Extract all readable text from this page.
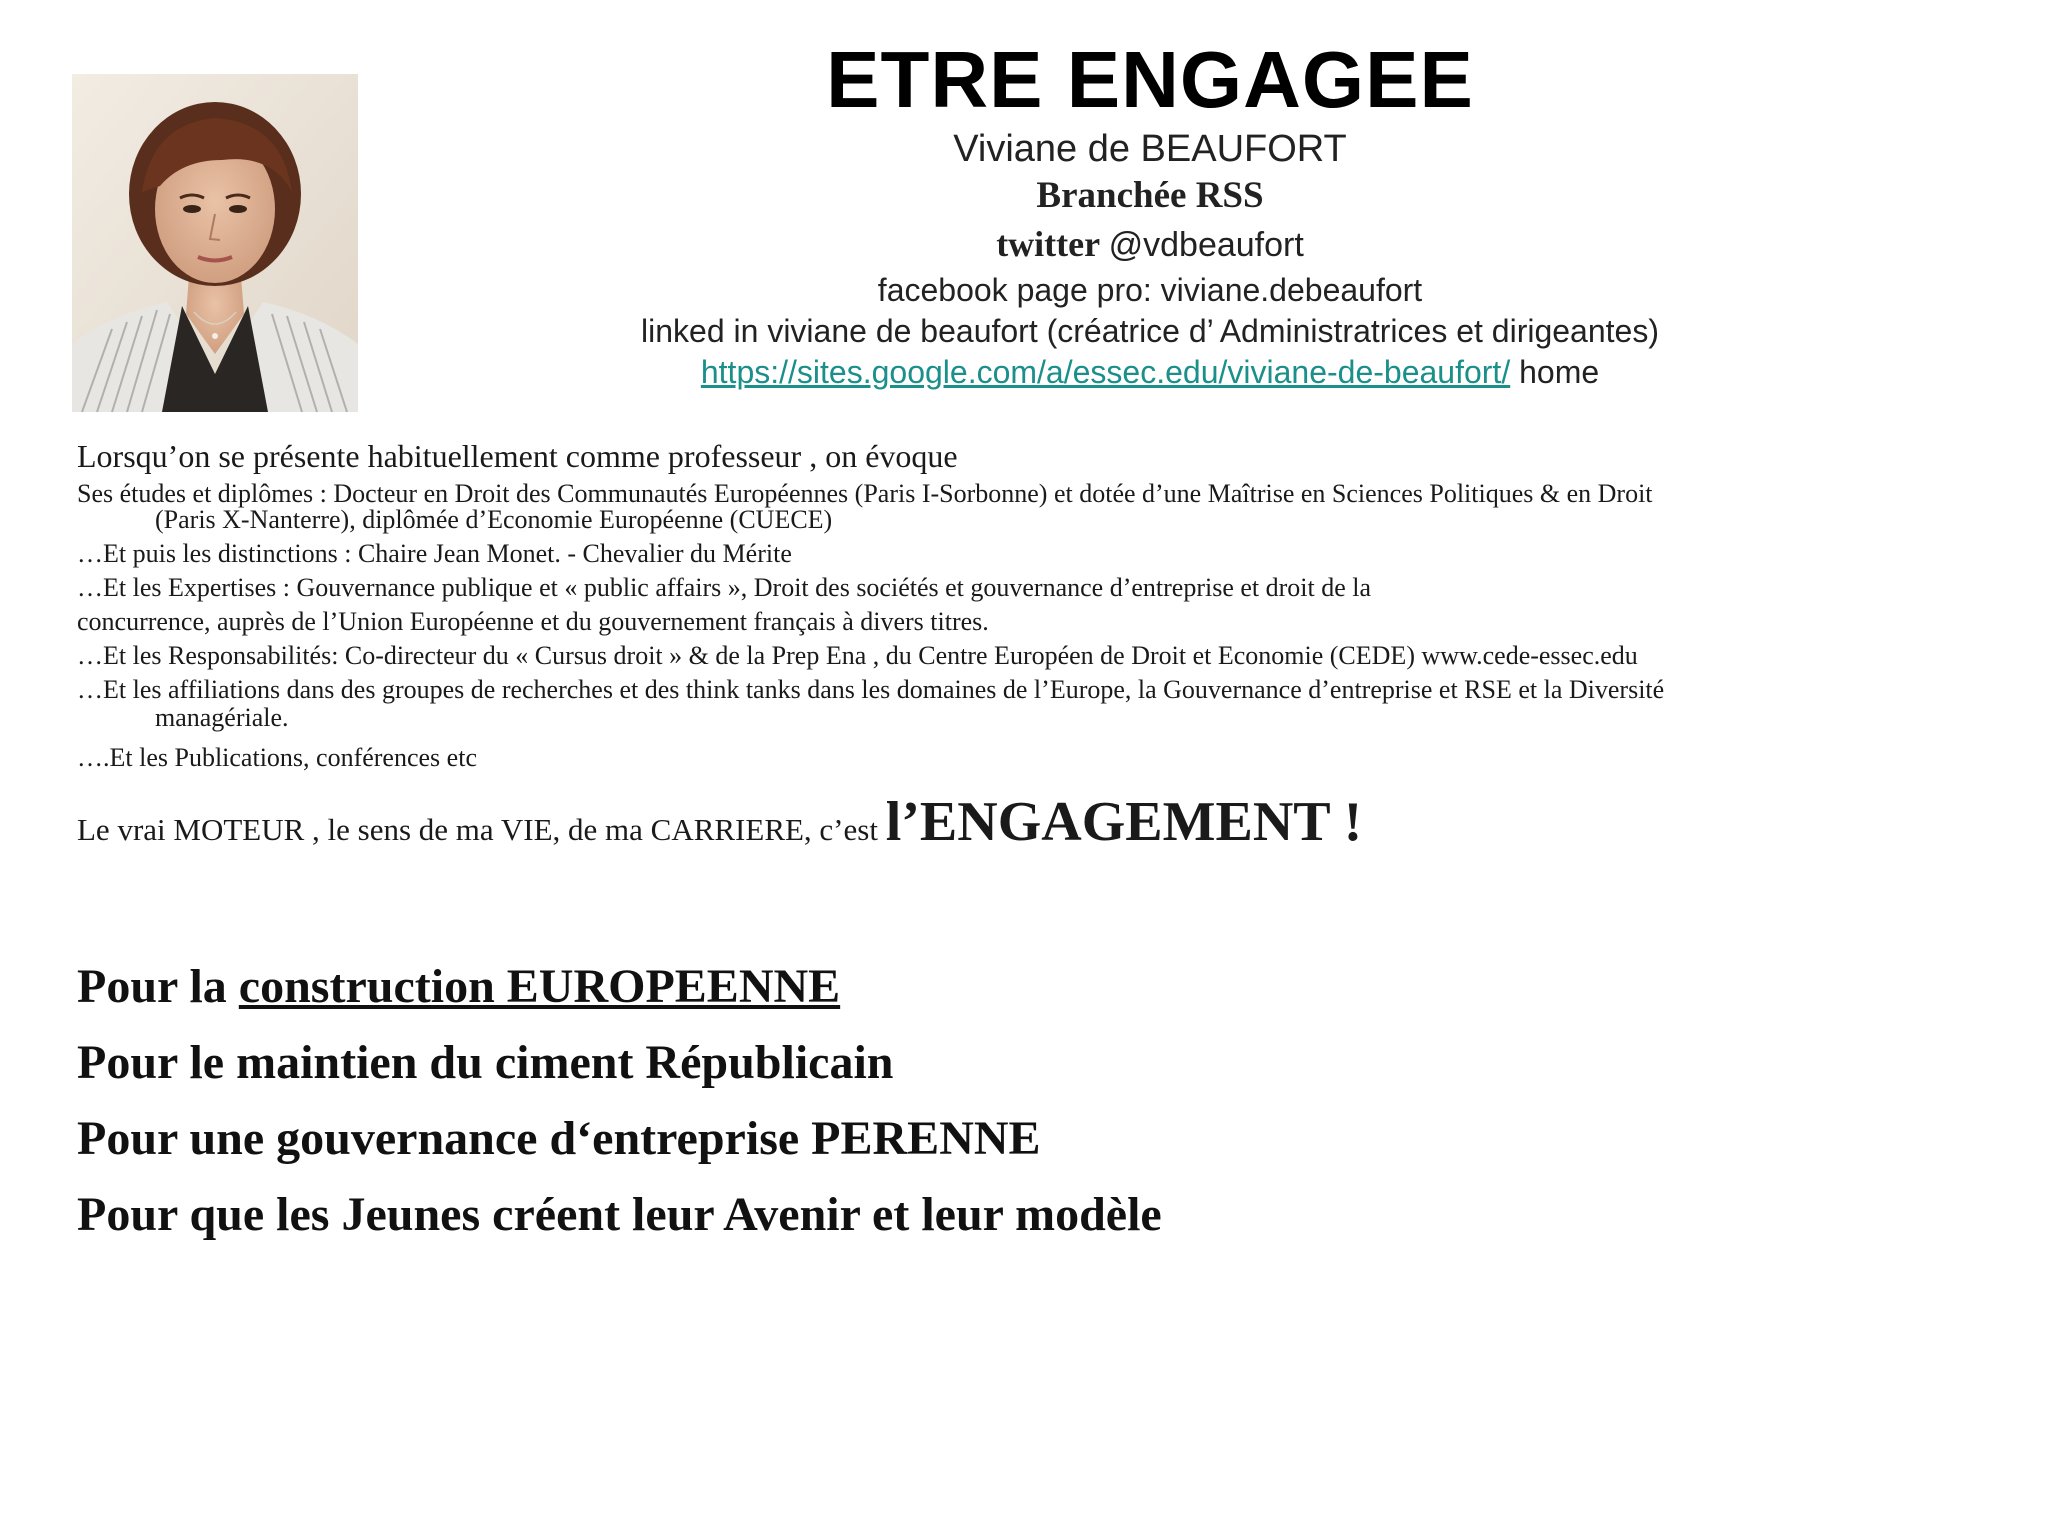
ETRE ENGAGEE
Viviane de BEAUFORT
Branchée RSS
twitter @vdbeaufort
facebook page pro: viviane.debeaufort
linked in viviane de beaufort (créatrice d’ Administratrices et dirigeantes)
https://sites.google.com/a/essec.edu/viviane-de-beaufort/ home
Lorsqu’on se présente habituellement comme professeur , on évoque
Ses études et diplômes : Docteur en Droit des Communautés Européennes (Paris I-Sorbonne) et dotée d’une Maîtrise en Sciences Politiques & en Droit
(Paris X-Nanterre), diplômée d’Economie Européenne (CUECE)
…Et puis les distinctions : Chaire Jean Monet. - Chevalier du Mérite
…Et les Expertises : Gouvernance publique et « public affairs », Droit des sociétés et gouvernance d’entreprise et droit de la
concurrence, auprès de l’Union Européenne et du gouvernement français à divers titres.
…Et les Responsabilités: Co-directeur du « Cursus droit » & de la Prep Ena , du Centre Européen de Droit et Economie (CEDE) www.cede-essec.edu
…Et les affiliations dans des groupes de recherches et des think tanks dans les domaines de l’Europe, la Gouvernance d’entreprise et RSE et la Diversité
managériale.
….Et les Publications, conférences etc
Le vrai MOTEUR , le sens de ma VIE, de ma CARRIERE, c’est l’ENGAGEMENT !
Pour la construction EUROPEENNE
Pour le maintien du ciment Républicain
Pour une gouvernance d‘entreprise PERENNE
Pour que les Jeunes créent leur Avenir et leur modèle
